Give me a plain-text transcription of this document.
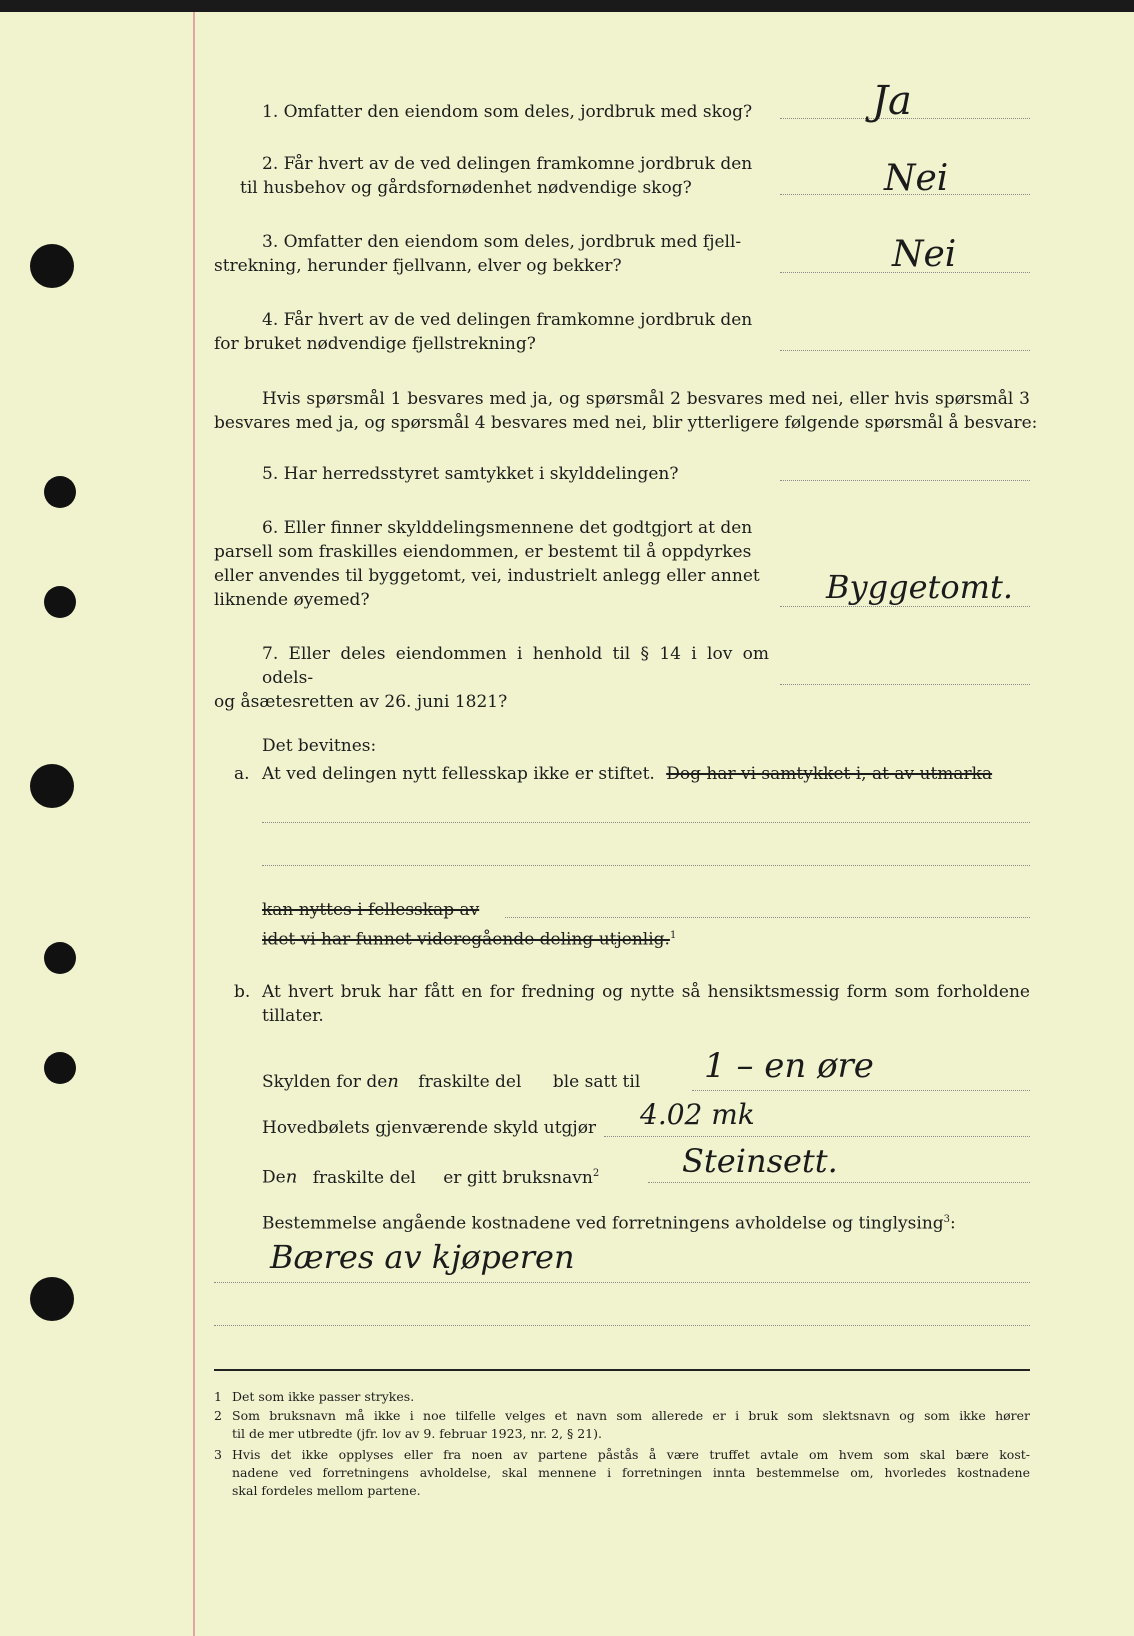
1. Omfatter den eiendom som deles, jordbruk med skog?	Ja
2. Får hvert av de ved delingen framkomne jordbruk den
til husbehov og gårdsfornødenhet nødvendige skog?	Nei
3. Omfatter den eiendom som deles, jordbruk med fjell-
strekning, herunder fjellvann, elver og bekker?	Nei
4. Får hvert av de ved delingen framkomne jordbruk den
for bruket nødvendige fjellstrekning?
Hvis spørsmål 1 besvares med ja, og spørsmål 2 besvares med nei, eller hvis spørsmål 3
besvares med ja, og spørsmål 4 besvares med nei, blir ytterligere følgende spørsmål å besvare:
5. Har herredsstyret samtykket i skylddelingen?
6. Eller finner skylddelingsmennene det godtgjort at den
parsell som fraskilles eiendommen, er bestemt til å oppdyrkes
eller anvendes til byggetomt, vei, industrielt anlegg eller annet
liknende øyemed?	Byggetomt.
7. Eller deles eiendommen i henhold til § 14 i lov om odels-
og åsætesretten av 26. juni 1821?
Det bevitnes:
a. At ved delingen nytt fellesskap ikke er stiftet. Dog har vi samtykket i, at av utmarka
kan nyttes i fellesskap av
idet vi har funnet videregående deling utjenlig.$^1$
b. At hvert bruk har fått en for fredning og nytte så hensiktsmessig form som forholdene
tillater.
Skylden for den fraskilte del ble satt til 1 – en øre
Hovedbølets gjenværende skyld utgjør 4.02 mk
Den fraskilte del er gitt bruksnavn$^2$	Steinsett.
Bestemmelse angående kostnadene ved forretningens avholdelse og tinglysing$^3$:
Bæres av kjøperen
1 Det som ikke passer strykes.
2 Som bruksnavn må ikke i noe tilfelle velges et navn som allerede er i bruk som slektsnavn og som ikke hører
til de mer utbredte (jfr. lov av 9. februar 1923, nr. 2, § 21).
3 Hvis det ikke opplyses eller fra noen av partene påstås å være truffet avtale om hvem som skal bære kost-
nadene ved forretningens avholdelse, skal mennene i forretningen innta bestemmelse om, hvorledes kostnadene
skal fordeles mellom partene.
